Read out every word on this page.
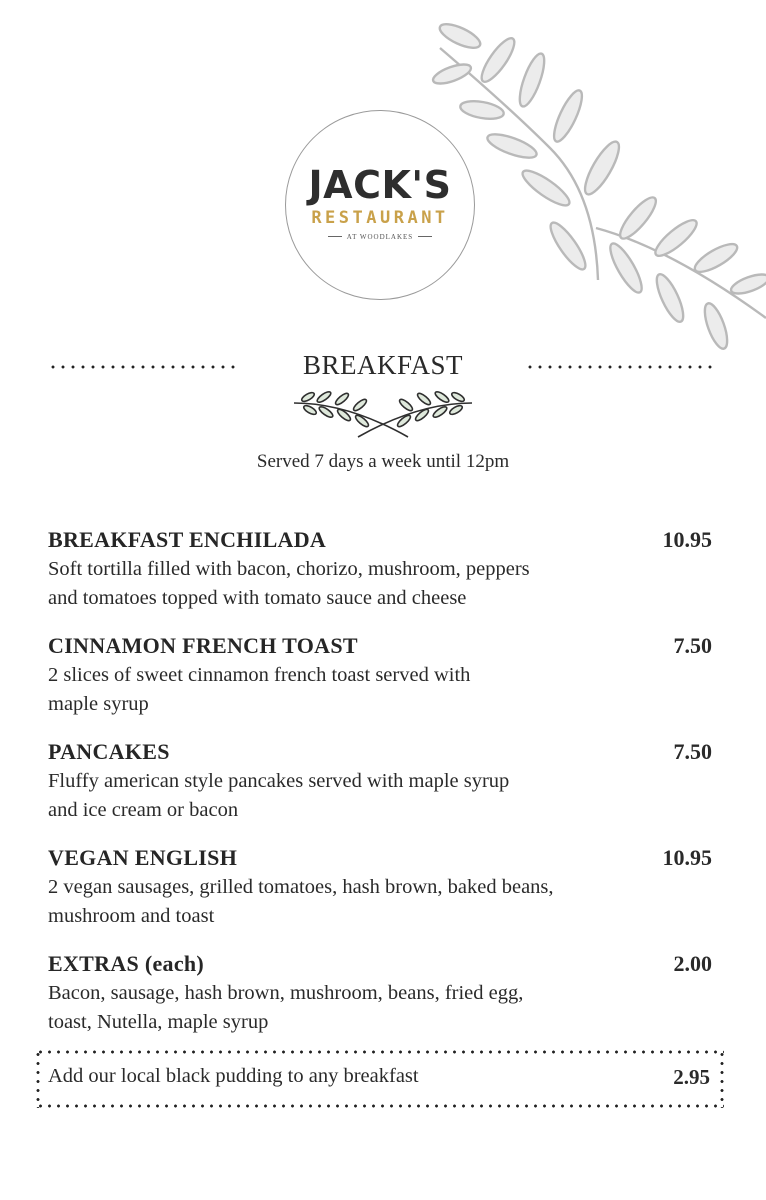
JACK'S
RESTAURANT
AT WOODLAKES
BREAKFAST
Served 7 days a week until 12pm
BREAKFAST ENCHILADA	10.95
Soft tortilla filled with bacon, chorizo, mushroom, peppers
and tomatoes topped with tomato sauce and cheese
CINNAMON FRENCH TOAST	7.50
2 slices of sweet cinnamon french toast served with
maple syrup
PANCAKES	7.50
Fluffy american style pancakes served with maple syrup
and ice cream or bacon
VEGAN ENGLISH	10.95
2 vegan sausages, grilled tomatoes, hash brown, baked beans,
mushroom and toast
EXTRAS (each)	2.00
Bacon, sausage, hash brown, mushroom, beans, fried egg,
toast, Nutella, maple syrup
Add our local black pudding to any breakfast	2.95
